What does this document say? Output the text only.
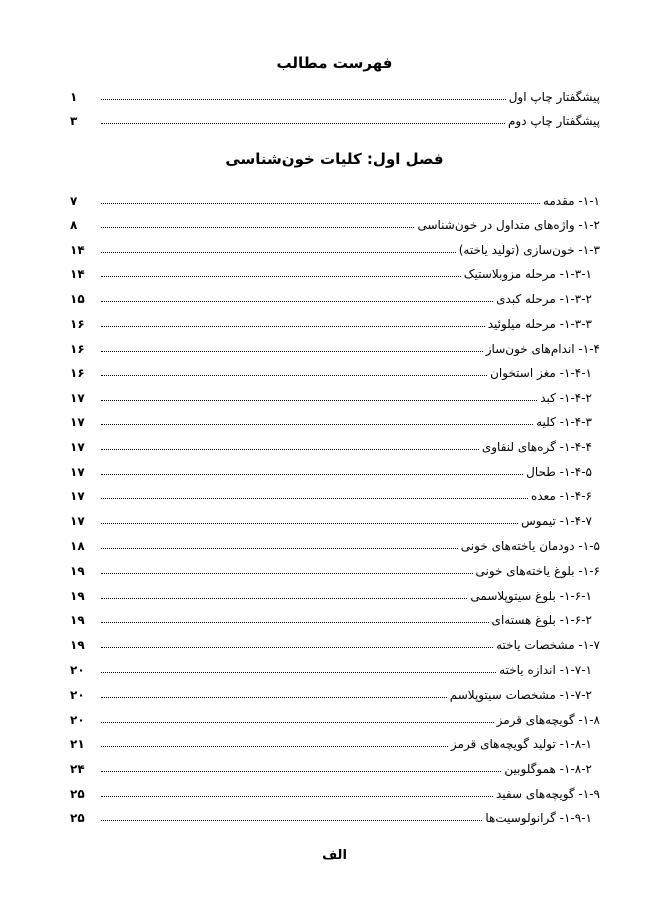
فهرست مطالب
پیشگفتار چاپ اول
۱
پیشگفتار چاپ دوم
۳
فصل اول: کلیات خون‌شناسی
۱-۱- مقدمه
۷
۱-۲- واژه‌های متداول در خون‌شناسی
۸
۱-۳- خون‌سازی (تولید یاخته)
۱۴
۱-۳-۱- مرحله مزوبلاستیک
۱۴
۱-۳-۲- مرحله کبدی
۱۵
۱-۳-۳- مرحله میلوئید
۱۶
۱-۴- اندام‌های خون‌ساز
۱۶
۱-۴-۱- مغز استخوان
۱۶
۱-۴-۲- کبد
۱۷
۱-۴-۳- کلیه
۱۷
۱-۴-۴- گره‌های لنفاوی
۱۷
۱-۴-۵- طحال
۱۷
۱-۴-۶- معده
۱۷
۱-۴-۷- تیموس
۱۷
۱-۵- دودمان یاخته‌های خونی
۱۸
۱-۶- بلوغ یاخته‌های خونی
۱۹
۱-۶-۱- بلوغ سیتوپلاسمی
۱۹
۱-۶-۲- بلوغ هسته‌ای
۱۹
۱-۷- مشخصات یاخته
۱۹
۱-۷-۱- اندازه یاخته
۲۰
۱-۷-۲- مشخصات سیتوپلاسم
۲۰
۱-۸- گویچه‌های قرمز
۲۰
۱-۸-۱- تولید گویچه‌های قرمز
۲۱
۱-۸-۲- هموگلوبین
۲۴
۱-۹- گویچه‌های سفید
۲۵
۱-۹-۱- گرانولوسیت‌ها
۲۵
الف
